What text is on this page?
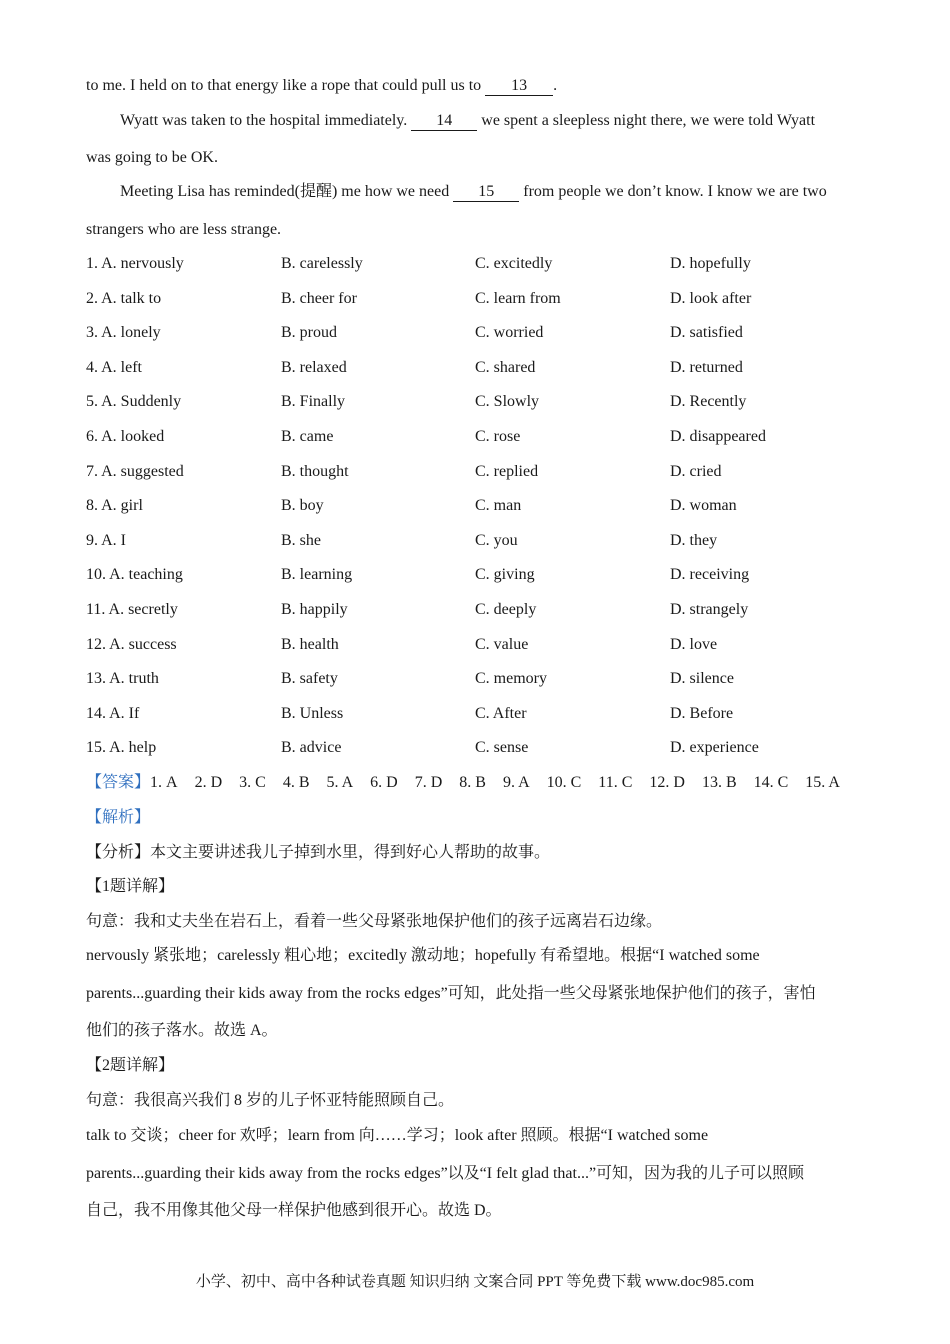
to me. I held on to that energy like a rope that could pull us to 13 .
Wyatt was taken to the hospital immediately. 14 we spent a sleepless night there, we were told Wyatt
was going to be OK.
Meeting Lisa has reminded(提醒) me how we need 15 from people we don’t know. I know we are two
strangers who are less strange.
1. A. nervously	B. carelessly	C. excitedly	D. hopefully
2. A. talk to	B. cheer for	C. learn from	D. look after
3. A. lonely	B. proud	C. worried	D. satisfied
4. A. left	B. relaxed	C. shared	D. returned
5. A. Suddenly	B. Finally	C. Slowly	D. Recently
6. A. looked	B. came	C. rose	D. disappeared
7. A. suggested	B. thought	C. replied	D. cried
8. A. girl	B. boy	C. man	D. woman
9. A. I	B. she	C. you	D. they
10. A. teaching	B. learning	C. giving	D. receiving
11. A. secretly	B. happily	C. deeply	D. strangely
12. A. success	B. health	C. value	D. love
13. A. truth	B. safety	C. memory	D. silence
14. A. If	B. Unless	C. After	D. Before
15. A. help	B. advice	C. sense	D. experience
【答案】1. A 2. D 3. C 4. B 5. A 6. D 7. D 8. B 9. A 10. C 11. C 12. D 13. B 14. C 15. A
【解析】
【分析】本文主要讲述我儿子掉到水里，得到好心人帮助的故事。
【1题详解】
句意：我和丈夫坐在岩石上，看着一些父母紧张地保护他们的孩子远离岩石边缘。
nervously 紧张地；carelessly 粗心地；excitedly 激动地；hopefully 有希望地。根据“I watched some
parents...guarding their kids away from the rocks edges”可知，此处指一些父母紧张地保护他们的孩子，害怕
他们的孩子落水。故选 A。
【2题详解】
句意：我很高兴我们 8 岁的儿子怀亚特能照顾自己。
talk to 交谈；cheer for 欢呼；learn from 向……学习；look after 照顾。根据“I watched some
parents...guarding their kids away from the rocks edges”以及“I felt glad that...”可知，因为我的儿子可以照顾
自己，我不用像其他父母一样保护他感到很开心。故选 D。
小学、初中、高中各种试卷真题 知识归纳 文案合同 PPT 等免费下载 www.doc985.com
